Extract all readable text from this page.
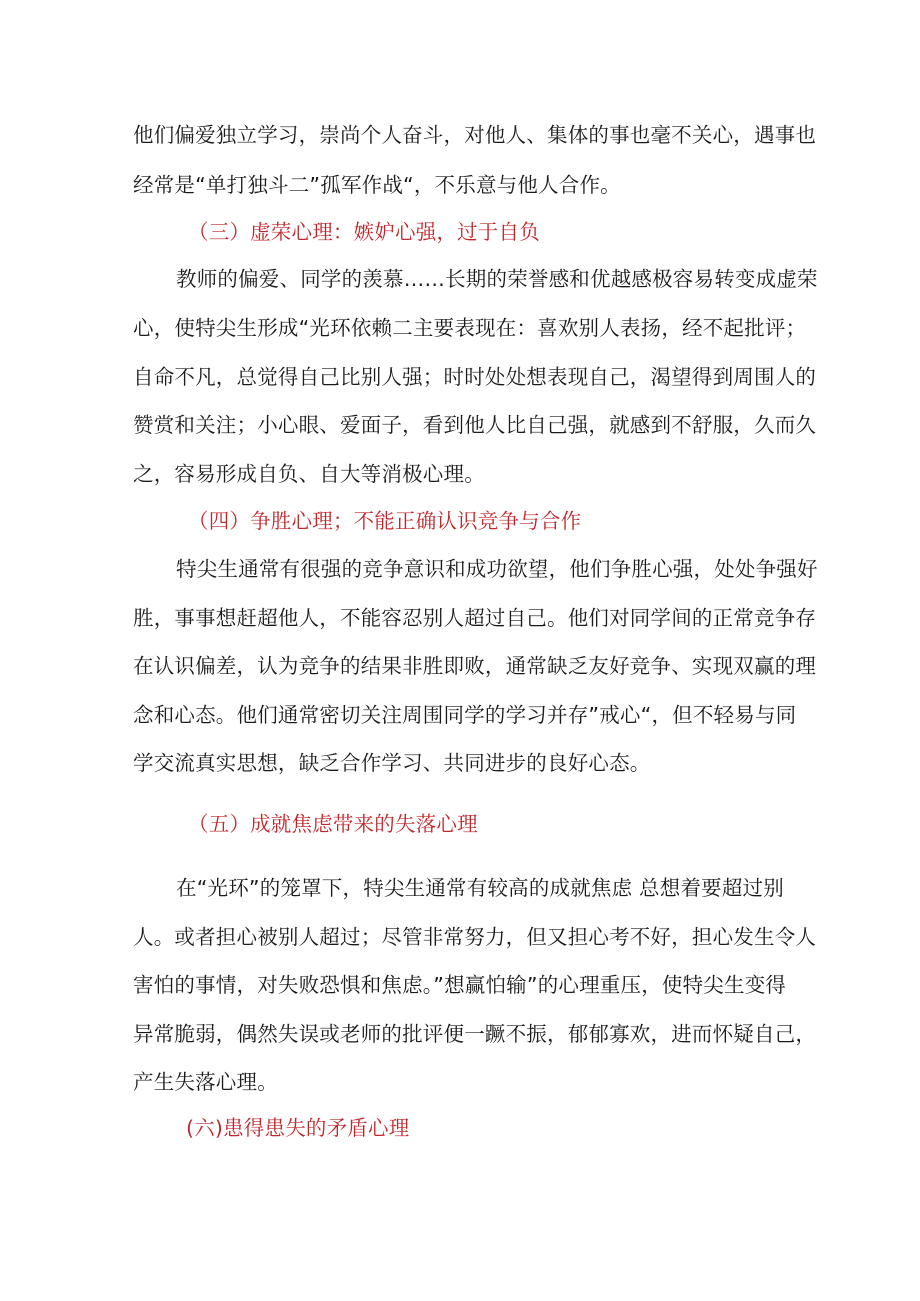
他们偏爱独立学习，崇尚个人奋斗，对他人、集体的事也毫不关心，遇事也
经常是“单打独斗二”孤军作战“，不乐意与他人合作。
（三）虚荣心理：嫉妒心强，过于自负
教师的偏爱、同学的羡慕……长期的荣誉感和优越感极容易转变成虚荣
心，使特尖生形成“光环依赖二主要表现在：喜欢别人表扬，经不起批评；
自命不凡，总觉得自己比别人强；时时处处想表现自己，渴望得到周围人的
赞赏和关注；小心眼、爱面子，看到他人比自己强，就感到不舒服，久而久
之，容易形成自负、自大等消极心理。
（四）争胜心理；不能正确认识竞争与合作
特尖生通常有很强的竞争意识和成功欲望，他们争胜心强，处处争强好
胜，事事想赶超他人，不能容忍别人超过自己。他们对同学间的正常竞争存
在认识偏差，认为竞争的结果非胜即败，通常缺乏友好竞争、实现双赢的理
念和心态。他们通常密切关注周围同学的学习并存”戒心“，但不轻易与同
学交流真实思想，缺乏合作学习、共同进步的良好心态。
（五）成就焦虑带来的失落心理
在“光环”的笼罩下，特尖生通常有较高的成就焦虑 总想着要超过别
人。或者担心被别人超过；尽管非常努力，但又担心考不好，担心发生令人
害怕的事情，对失败恐惧和焦虑。”想赢怕输”的心理重压，使特尖生变得
异常脆弱，偶然失误或老师的批评便一蹶不振，郁郁寡欢，进而怀疑自己，
产生失落心理。
(六)患得患失的矛盾心理
